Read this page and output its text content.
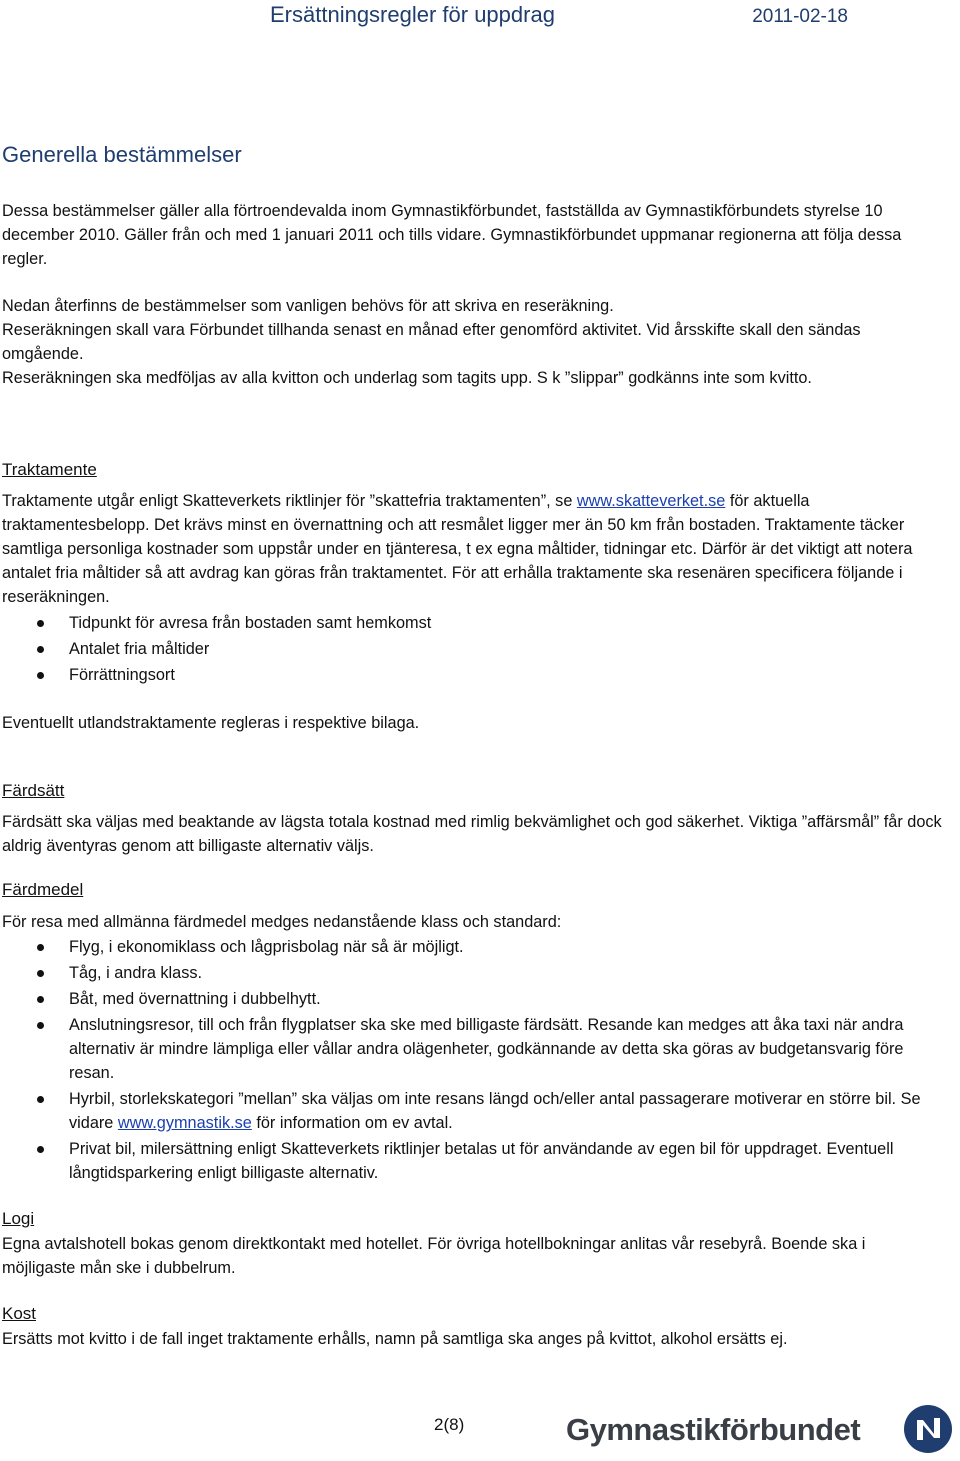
Ersättningsregler för uppdrag	2011-02-18
Generella bestämmelser

Dessa bestämmelser gäller alla förtroendevalda inom Gymnastikförbundet, fastställda av Gymnastikförbundets styrelse 10 december 2010. Gäller från och med 1 januari 2011 och tills vidare. Gymnastikförbundet uppmanar regionerna att följa dessa regler.

Nedan återfinns de bestämmelser som vanligen behövs för att skriva en reseräkning.

Reseräkningen skall vara Förbundet tillhanda senast en månad efter genomförd aktivitet. Vid årsskifte skall den sändas omgående.

Reseräkningen ska medföljas av alla kvitton och underlag som tagits upp. S k ”slippar” godkänns inte som kvitto.

Traktamente

Traktamente utgår enligt Skatteverkets riktlinjer för ”skattefria traktamenten”, se www.skatteverket.se för aktuella traktamentesbelopp. Det krävs minst en övernattning och att resmålet ligger mer än 50 km från bostaden. Traktamente täcker samtliga personliga kostnader som uppstår under en tjänteresa, t ex egna måltider, tidningar etc. Därför är det viktigt att notera antalet fria måltider så att avdrag kan göras från traktamentet. För att erhålla traktamente ska resenären specificera följande i reseräkningen.

Tidpunkt för avresa från bostaden samt hemkomst
Antalet fria måltider
Förrättningsort

Eventuellt utlandstraktamente regleras i respektive bilaga.

Färdsätt

Färdsätt ska väljas med beaktande av lägsta totala kostnad med rimlig bekvämlighet och god säkerhet. Viktiga ”affärsmål” får dock aldrig äventyras genom att billigaste alternativ väljs.

Färdmedel

För resa med allmänna färdmedel medges nedanstående klass och standard:

Flyg, i ekonomiklass och lågprisbolag när så är möjligt.
Tåg, i andra klass.
Båt, med övernattning i dubbelhytt.
Anslutningsresor, till och från flygplatser ska ske med billigaste färdsätt. Resande kan medges att åka taxi när andra alternativ är mindre lämpliga eller vållar andra olägenheter, godkännande av detta ska göras av budgetansvarig före resan.
Hyrbil, storlekskategori ”mellan” ska väljas om inte resans längd och/eller antal passagerare motiverar en större bil. Se vidare www.gymnastik.se för information om ev avtal.
Privat bil, milersättning enligt Skatteverkets riktlinjer betalas ut för användande av egen bil för uppdraget. Eventuell långtidsparkering enligt billigaste alternativ.
Logi

Egna avtalshotell bokas genom direktkontakt med hotellet. För övriga hotellbokningar anlitas vår resebyrå. Boende ska i möjligaste mån ske i dubbelrum.

Kost

Ersätts mot kvitto i de fall inget traktamente erhålls, namn på samtliga ska anges på kvittot, alkohol ersätts ej.

2(8)	Gymnastikförbundet
